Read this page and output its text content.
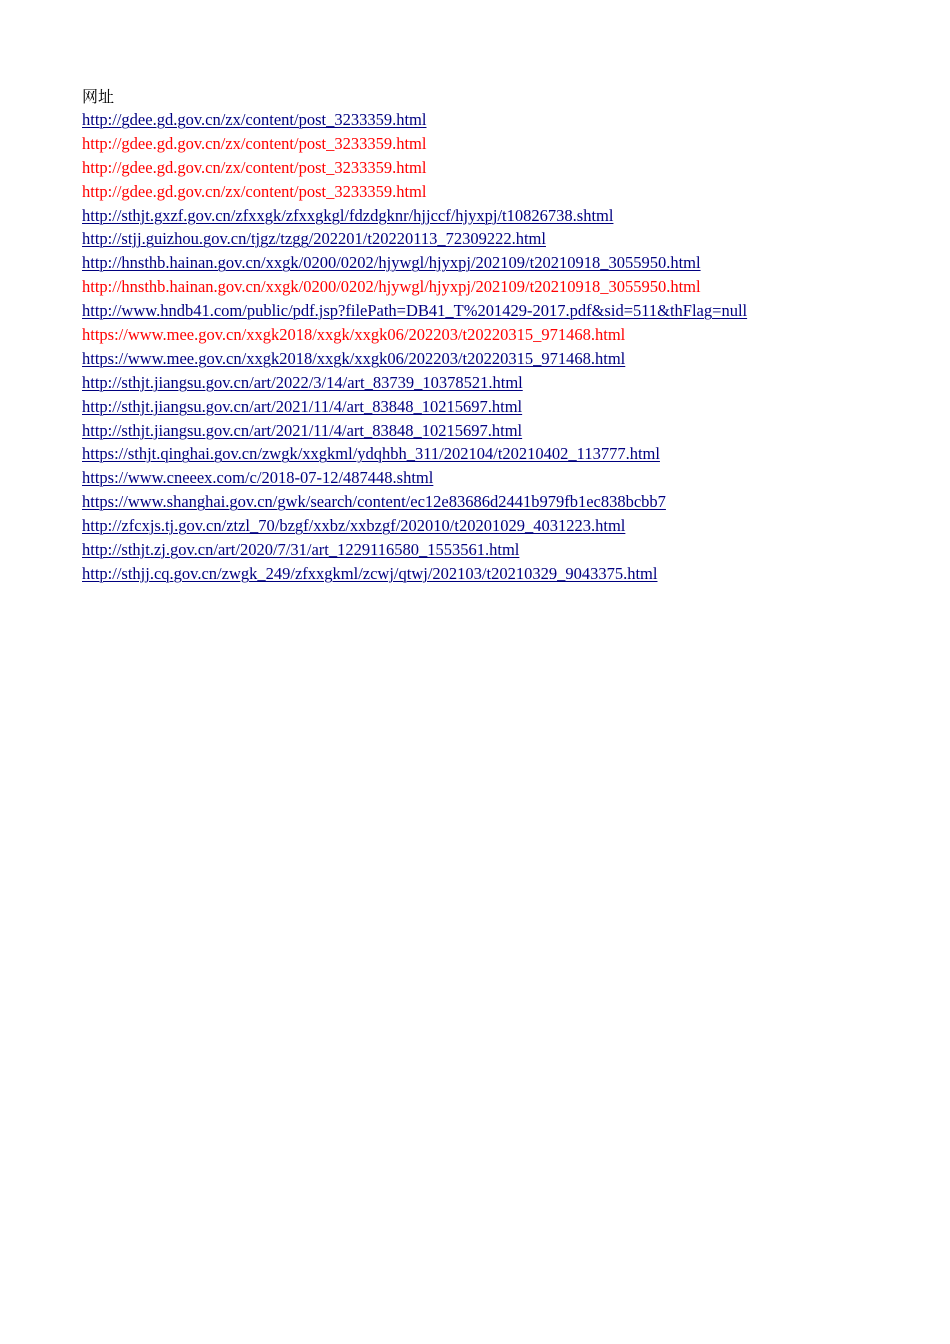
网址
http://gdee.gd.gov.cn/zx/content/post_3233359.html
http://gdee.gd.gov.cn/zx/content/post_3233359.html
http://gdee.gd.gov.cn/zx/content/post_3233359.html
http://gdee.gd.gov.cn/zx/content/post_3233359.html
http://sthjt.gxzf.gov.cn/zfxxgk/zfxxgkgl/fdzdgknr/hjjccf/hjyxpj/t10826738.shtml
http://stjj.guizhou.gov.cn/tjgz/tzgg/202201/t20220113_72309222.html
http://hnsthb.hainan.gov.cn/xxgk/0200/0202/hjywgl/hjyxpj/202109/t20210918_3055950.html
http://hnsthb.hainan.gov.cn/xxgk/0200/0202/hjywgl/hjyxpj/202109/t20210918_3055950.html
http://www.hndb41.com/public/pdf.jsp?filePath=DB41_T%201429-2017.pdf&sid=511&thFlag=null
https://www.mee.gov.cn/xxgk2018/xxgk/xxgk06/202203/t20220315_971468.html
https://www.mee.gov.cn/xxgk2018/xxgk/xxgk06/202203/t20220315_971468.html
http://sthjt.jiangsu.gov.cn/art/2022/3/14/art_83739_10378521.html
http://sthjt.jiangsu.gov.cn/art/2021/11/4/art_83848_10215697.html
http://sthjt.jiangsu.gov.cn/art/2021/11/4/art_83848_10215697.html
https://sthjt.qinghai.gov.cn/zwgk/xxgkml/ydqhbh_311/202104/t20210402_113777.html
https://www.cneeex.com/c/2018-07-12/487448.shtml
https://www.shanghai.gov.cn/gwk/search/content/ec12e83686d2441b979fb1ec838bcbb7
http://zfcxjs.tj.gov.cn/ztzl_70/bzgf/xxbz/xxbzgf/202010/t20201029_4031223.html
http://sthjt.zj.gov.cn/art/2020/7/31/art_1229116580_1553561.html
http://sthjj.cq.gov.cn/zwgk_249/zfxxgkml/zcwj/qtwj/202103/t20210329_9043375.html
